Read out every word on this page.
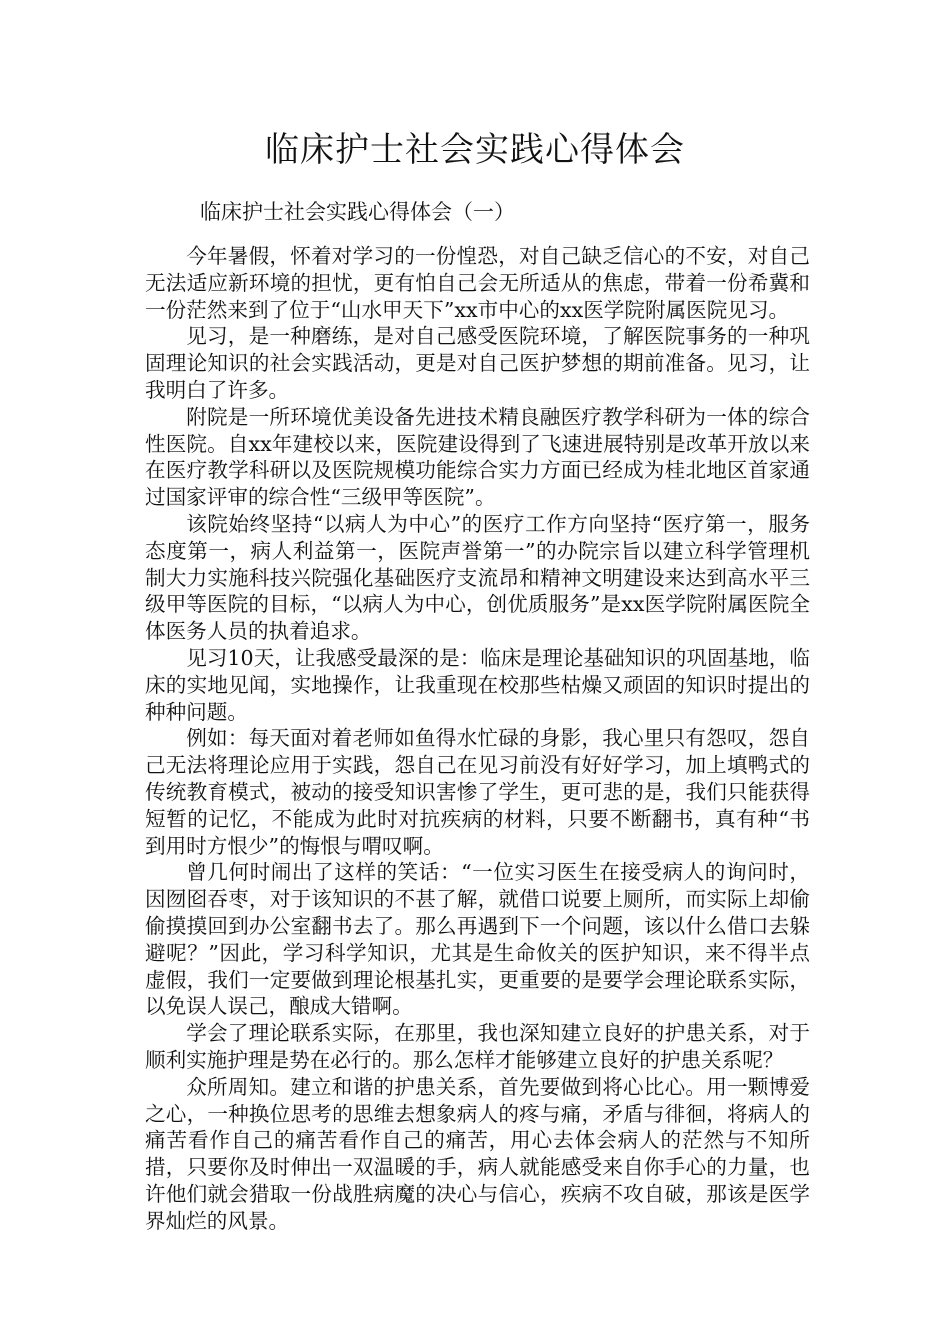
临床护士社会实践心得体会

临床护士社会实践心得体会（一）

今年暑假，怀着对学习的一份惶恐，对自己缺乏信心的不安，对自己无法适应新环境的担忧，更有怕自己会无所适从的焦虑，带着一份希冀和一份茫然来到了位于“山水甲天下”xx市中心的xx医学院附属医院见习。

见习，是一种磨练，是对自己感受医院环境，了解医院事务的一种巩固理论知识的社会实践活动，更是对自己医护梦想的期前准备。见习，让我明白了许多。

附院是一所环境优美设备先进技术精良融医疗教学科研为一体的综合性医院。自xx年建校以来，医院建设得到了飞速进展特别是改革开放以来在医疗教学科研以及医院规模功能综合实力方面已经成为桂北地区首家通过国家评审的综合性“三级甲等医院”。

该院始终坚持“以病人为中心”的医疗工作方向坚持“医疗第一，服务态度第一，病人利益第一，医院声誉第一”的办院宗旨以建立科学管理机制大力实施科技兴院强化基础医疗支流昂和精神文明建设来达到高水平三级甲等医院的目标，“以病人为中心，创优质服务”是xx医学院附属医院全体医务人员的执着追求。

见习10天，让我感受最深的是：临床是理论基础知识的巩固基地，临床的实地见闻，实地操作，让我重现在校那些枯燥又顽固的知识时提出的种种问题。

例如：每天面对着老师如鱼得水忙碌的身影，我心里只有怨叹，怨自己无法将理论应用于实践，怨自己在见习前没有好好学习，加上填鸭式的传统教育模式，被动的接受知识害惨了学生，更可悲的是，我们只能获得短暂的记忆，不能成为此时对抗疾病的材料，只要不断翻书，真有种“书到用时方恨少”的悔恨与喟叹啊。

曾几何时闹出了这样的笑话：“一位实习医生在接受病人的询问时，因囫囵吞枣，对于该知识的不甚了解，就借口说要上厕所，而实际上却偷偷摸摸回到办公室翻书去了。那么再遇到下一个问题，该以什么借口去躲避呢？”因此，学习科学知识，尤其是生命攸关的医护知识，来不得半点虚假，我们一定要做到理论根基扎实，更重要的是要学会理论联系实际，以免误人误己，酿成大错啊。

学会了理论联系实际，在那里，我也深知建立良好的护患关系，对于顺利实施护理是势在必行的。那么怎样才能够建立良好的护患关系呢？

众所周知。建立和谐的护患关系，首先要做到将心比心。用一颗博爱之心，一种换位思考的思维去想象病人的疼与痛，矛盾与徘徊，将病人的痛苦看作自己的痛苦看作自己的痛苦，用心去体会病人的茫然与不知所措，只要你及时伸出一双温暖的手，病人就能感受来自你手心的力量，也许他们就会猎取一份战胜病魔的决心与信心，疾病不攻自破，那该是医学界灿烂的风景。
